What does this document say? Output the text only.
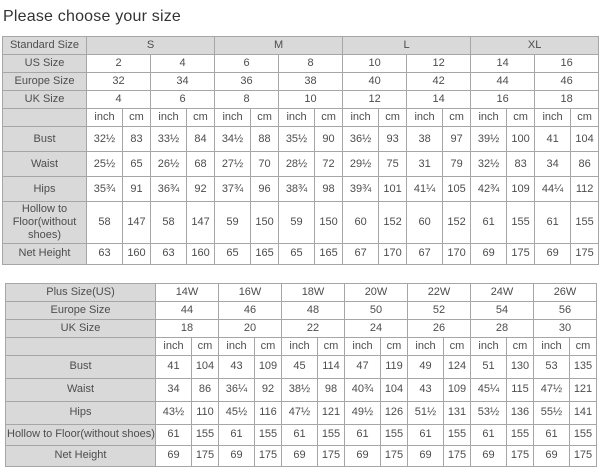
Please choose your size
Standard Size	S				M				L				XL			
US Size	2		4		6		8		10		12		14		16	
Europe Size	32		34		36		38		40		42		44		46	
UK Size	4		6		8		10		12		14		16		18	
	inch	cm	inch	cm	inch	cm	inch	cm	inch	cm	inch	cm	inch	cm	inch	cm
Bust	32½	83	33½	84	34½	88	35½	90	36½	93	38	97	39½	100	41	104
Waist	25½	65	26½	68	27½	70	28½	72	29½	75	31	79	32½	83	34	86
Hips	35¾	91	36¾	92	37¾	96	38¾	98	39¾	101	41¼	105	42¾	109	44¼	112
Hollow to Floor(without shoes)	58	147	58	147	59	150	59	150	60	152	60	152	61	155	61	155
Net Height	63	160	63	160	65	165	65	165	67	170	67	170	69	175	69	175
Plus Size(US)	14W		16W		18W		20W		22W		24W		26W	
Europe Size	44		46		48		50		52		54		56	
UK Size	18		20		22		24		26		28		30	
	inch	cm	inch	cm	inch	cm	inch	cm	inch	cm	inch	cm	inch	cm
Bust	41	104	43	109	45	114	47	119	49	124	51	130	53	135
Waist	34	86	36¼	92	38½	98	40¾	104	43	109	45¼	115	47½	121
Hips	43½	110	45½	116	47½	121	49½	126	51½	131	53½	136	55½	141
Hollow to Floor(without shoes)	61	155	61	155	61	155	61	155	61	155	61	155	61	155
Net Height	69	175	69	175	69	175	69	175	69	175	69	175	69	175
